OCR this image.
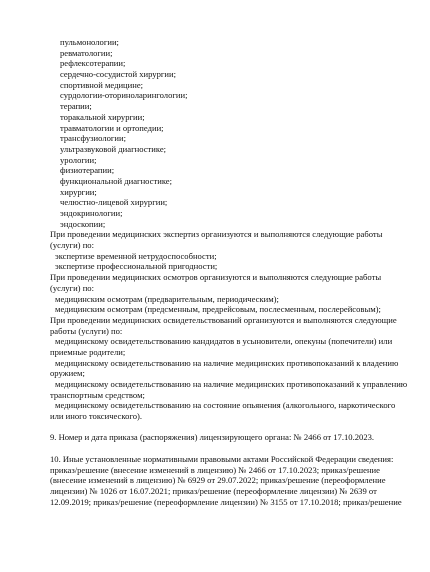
пульмонологии;
ревматологии;
рефлексотерапии;
сердечно-сосудистой хирургии;
спортивной медицине;
сурдологии-оториноларингологии;
терапии;
торакальной хирургии;
травматологии и ортопедии;
трансфузиологии;
ультразвуковой диагностике;
урологии;
физиотерапии;
функциональной диагностике;
хирургии;
челюстно-лицевой хирургии;
эндокринологии;
эндоскопии;
При проведении медицинских экспертиз организуются и выполняются следующие работы
(услуги) по:
экспертизе временной нетрудоспособности;
экспертизе профессиональной пригодности;
При проведении медицинских осмотров организуются и выполняются следующие работы
(услуги) по:
медицинским осмотрам (предварительным, периодическим);
медицинским осмотрам (предсменным, предрейсовым, послесменным, послерейсовым);
При проведении медицинских освидетельствований организуются и выполняются следующие
работы (услуги) по:
медицинскому освидетельствованию кандидатов в усыновители, опекуны (попечители) или
приемные родители;
медицинскому освидетельствованию на наличие медицинских противопоказаний к владению
оружием;
медицинскому освидетельствованию на наличие медицинских противопоказаний к управлению
транспортным средством;
медицинскому освидетельствованию на состояние опьянения (алкогольного, наркотического
или иного токсического).
9. Номер и дата приказа (распоряжения) лицензирующего органа: № 2466 от 17.10.2023.
10. Иные установленные нормативными правовыми актами Российской Федерации сведения:
приказ/решение (внесение изменений в лицензию) № 2466 от 17.10.2023; приказ/решение
(внесение изменений в лицензию) № 6929 от 29.07.2022; приказ/решение (переоформление
лицензии) № 1026 от 16.07.2021; приказ/решение (переоформление лицензии) № 2639 от
12.09.2019; приказ/решение (переоформление лицензии) № 3155 от 17.10.2018; приказ/решение
